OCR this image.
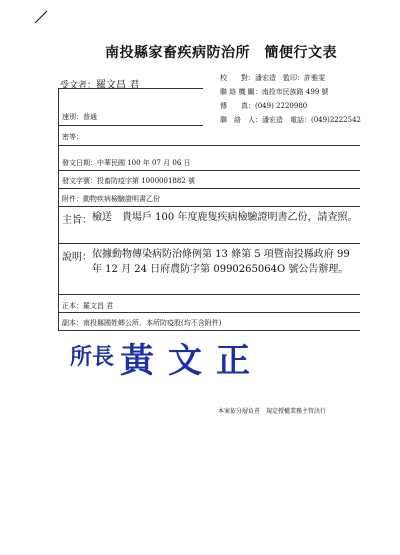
南投縣家畜疾病防治所　簡便行文表
受文者：羅文昌 君
校　　對：潘宏造　監印：許雅雯
聯 絡 機 關：南投市民族路 499 號
傳　　真：(049) 2220980
聯　絡　人：潘宏造　電話：(049)2222542
速別：普通
密等：
發文日期：中華民國 100 年 07 月 06 日
發文字號：投畜防疫字第 1000001882 號
附件：動物疾病檢驗證明書乙份
主旨： 檢送　貴場戶 100 年度鹿隻疾病檢驗證明書乙份，請查照。
說明： 依據動物傳染病防治條例第 13 條第 5 項暨南投縣政府 99 年 12 月 24 日府農防字第 0990265064O 號公告辦理。
正本：羅文昌 君
副本：南投縣國姓鄉公所、本所防疫股(均不含附件)
所長 黃文正
本案依分層負責　規定授權業務主管決行
